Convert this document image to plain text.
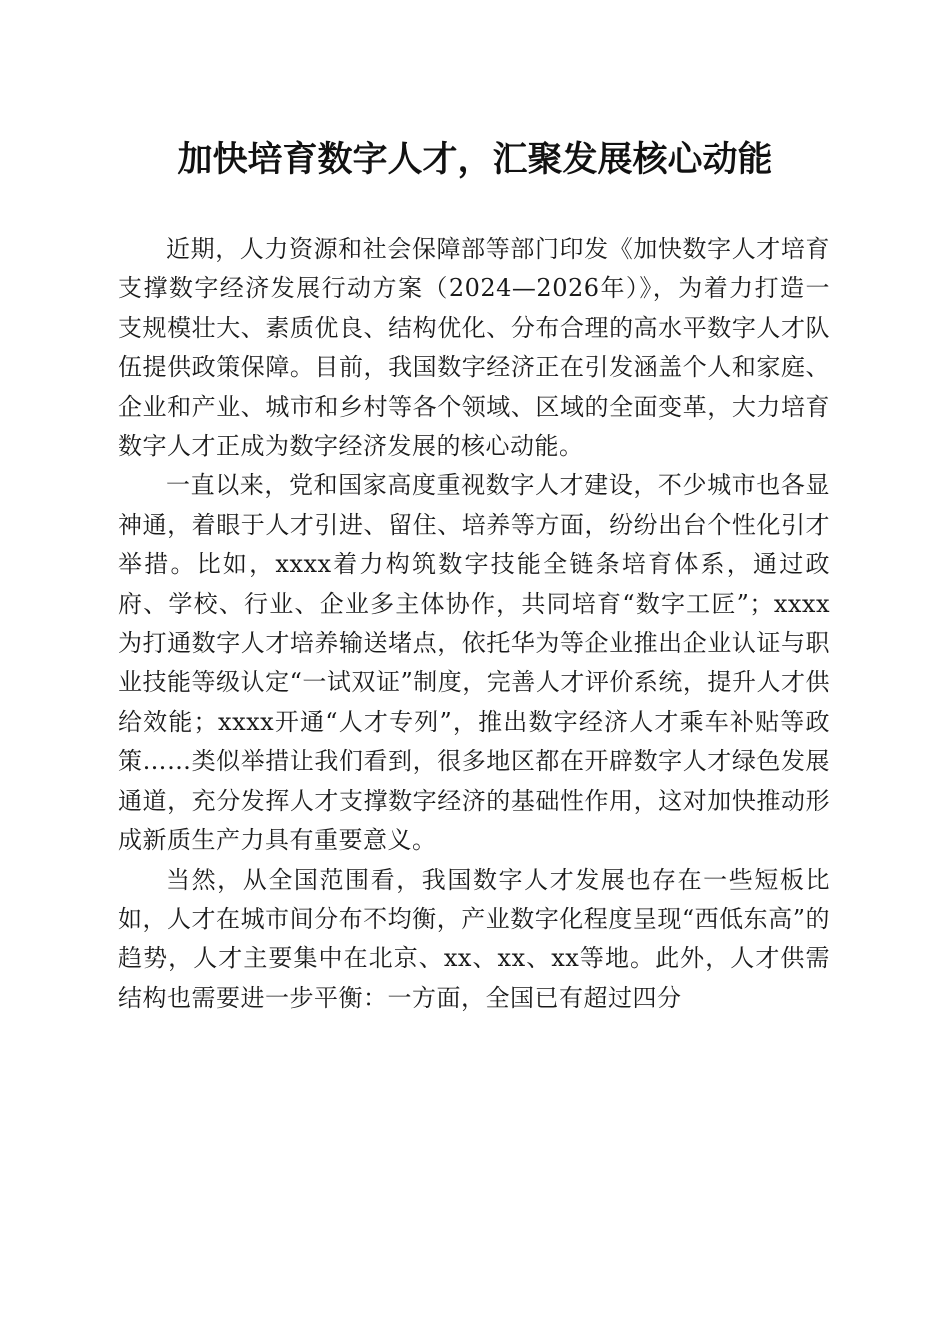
加快培育数字人才，汇聚发展核心动能

近期，人力资源和社会保障部等部门印发《加快数字人才培育支撑数字经济发展行动方案（2024—2026年）》，为着力打造一支规模壮大、素质优良、结构优化、分布合理的高水平数字人才队伍提供政策保障。目前，我国数字经济正在引发涵盖个人和家庭、企业和产业、城市和乡村等各个领域、区域的全面变革，大力培育数字人才正成为数字经济发展的核心动能。

一直以来，党和国家高度重视数字人才建设，不少城市也各显神通，着眼于人才引进、留住、培养等方面，纷纷出台个性化引才举措。比如，xxxx着力构筑数字技能全链条培育体系，通过政府、学校、行业、企业多主体协作，共同培育“数字工匠”；xxxx为打通数字人才培养输送堵点，依托华为等企业推出企业认证与职业技能等级认定“一试双证”制度，完善人才评价系统，提升人才供给效能；xxxx开通“人才专列”，推出数字经济人才乘车补贴等政策……类似举措让我们看到，很多地区都在开辟数字人才绿色发展通道，充分发挥人才支撑数字经济的基础性作用，这对加快推动形成新质生产力具有重要意义。

当然，从全国范围看，我国数字人才发展也存在一些短板比如，人才在城市间分布不均衡，产业数字化程度呈现“西低东高”的趋势，人才主要集中在北京、xx、xx、xx等地。此外，人才供需结构也需要进一步平衡：一方面，全国已有超过四分
